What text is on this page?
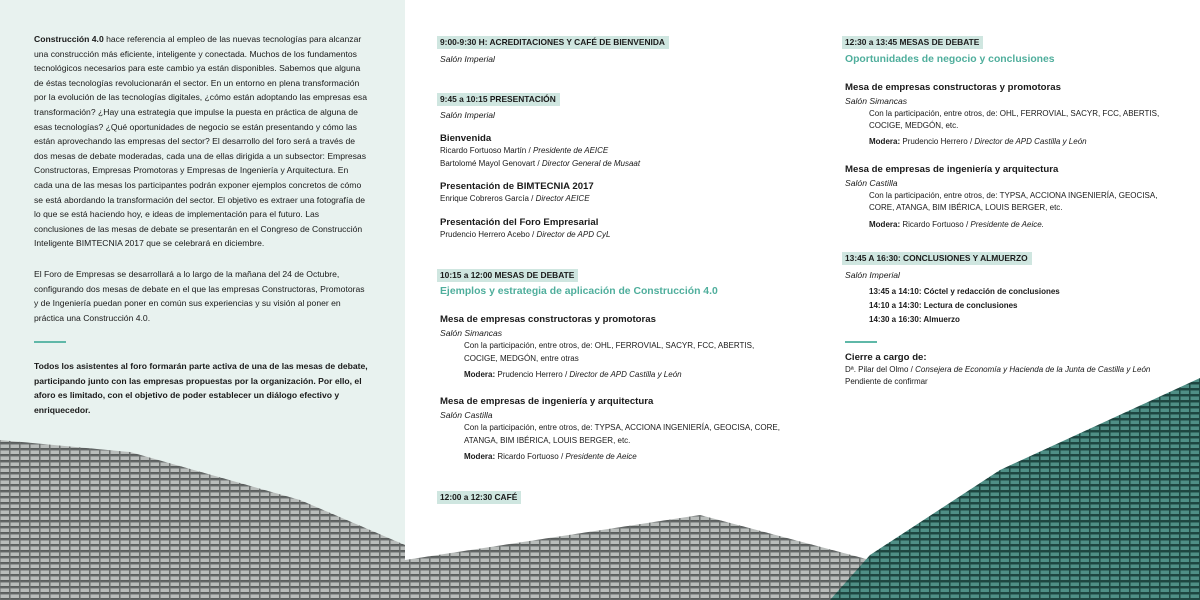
Construcción 4.0 hace referencia al empleo de las nuevas tecnologías para alcanzar una construcción más eficiente, inteligente y conectada. Muchos de los fundamentos tecnológicos necesarios para este cambio ya están disponibles. Sabemos que alguna de éstas tecnologías revolucionarán el sector. En un entorno en plena transformación por la evolución de las tecnologías digitales, ¿cómo están adoptando las empresas esa transformación? ¿Hay una estrategia que impulse la puesta en práctica de alguna de esas tecnologías? ¿Qué oportunidades de negocio se están presentando y cómo las están aprovechando las empresas del sector? El desarrollo del foro será a través de dos mesas de debate moderadas, cada una de ellas dirigida a un subsector: Empresas Constructoras, Empresas Promotoras y Empresas de Ingeniería y Arquitectura. En cada una de las mesas los participantes podrán exponer ejemplos concretos de cómo se está abordando la transformación del sector. El objetivo es extraer una fotografía de lo que se está haciendo hoy, e ideas de implementación para el futuro. Las conclusiones de las mesas de debate se presentarán en el Congreso de Construcción Inteligente BIMTECNIA 2017 que se celebrará en diciembre.

El Foro de Empresas se desarrollará a lo largo de la mañana del 24 de Octubre, configurando dos mesas de debate en el que las empresas Constructoras, Promotoras y de Ingeniería puedan poner en común sus experiencias y su visión al poner en práctica una Construcción 4.0.

Todos los asistentes al foro formarán parte activa de una de las mesas de debate, participando junto con las empresas propuestas por la organización. Por ello, el aforo es limitado, con el objetivo de poder establecer un diálogo efectivo y enriquecedor.

9:00-9:30 H: ACREDITACIONES Y CAFÉ DE BIENVENIDA
Salón Imperial
9:45 a 10:15 PRESENTACIÓN
Salón Imperial
Bienvenida
Ricardo Fortuoso Martín / Presidente de AEICE
Bartolomé Mayol Genovart / Director General de Musaat
Presentación de BIMTECNIA 2017
Enrique Cobreros García / Director AEICE
Presentación del Foro Empresarial
Prudencio Herrero Acebo / Director de APD CyL
10:15 a 12:00 MESAS DE DEBATE
Ejemplos y estrategia de aplicación de Construcción 4.0
Mesa de empresas constructoras y promotoras
Salón Simancas
Con la participación, entre otros, de: OHL, FERROVIAL, SACYR, FCC, ABERTIS, COCIGE, MEDGÓN, entre otras
Modera: Prudencio Herrero / Director de APD Castilla y León
Mesa de empresas de ingeniería y arquitectura
Salón Castilla
Con la participación, entre otros, de: TYPSA, ACCIONA INGENIERÍA, GEOCISA, CORE, ATANGA, BIM IBÉRICA, LOUIS BERGER, etc.
Modera: Ricardo Fortuoso / Presidente de Aeice
12:00 a 12:30 CAFÉ
12:30 a 13:45 MESAS DE DEBATE
Oportunidades de negocio y conclusiones
Mesa de empresas constructoras y promotoras
Salón Simancas
Con la participación, entre otros, de: OHL, FERROVIAL, SACYR, FCC, ABERTIS, COCIGE, MEDGÓN, etc.
Modera: Prudencio Herrero / Director de APD Castilla y León
Mesa de empresas de ingeniería y arquitectura
Salón Castilla
Con la participación, entre otros, de: TYPSA, ACCIONA INGENIERÍA, GEOCISA, CORE, ATANGA, BIM IBÉRICA, LOUIS BERGER, etc.
Modera: Ricardo Fortuoso / Presidente de Aeice.
13:45 A 16:30: CONCLUSIONES Y ALMUERZO
Salón Imperial
13:45 a 14:10: Cóctel y redacción de conclusiones
14:10 a 14:30: Lectura de conclusiones
14:30 a 16:30: Almuerzo
Cierre a cargo de:
Dª. Pilar del Olmo / Consejera de Economía y Hacienda de la Junta de Castilla y León
Pendiente de confirmar
